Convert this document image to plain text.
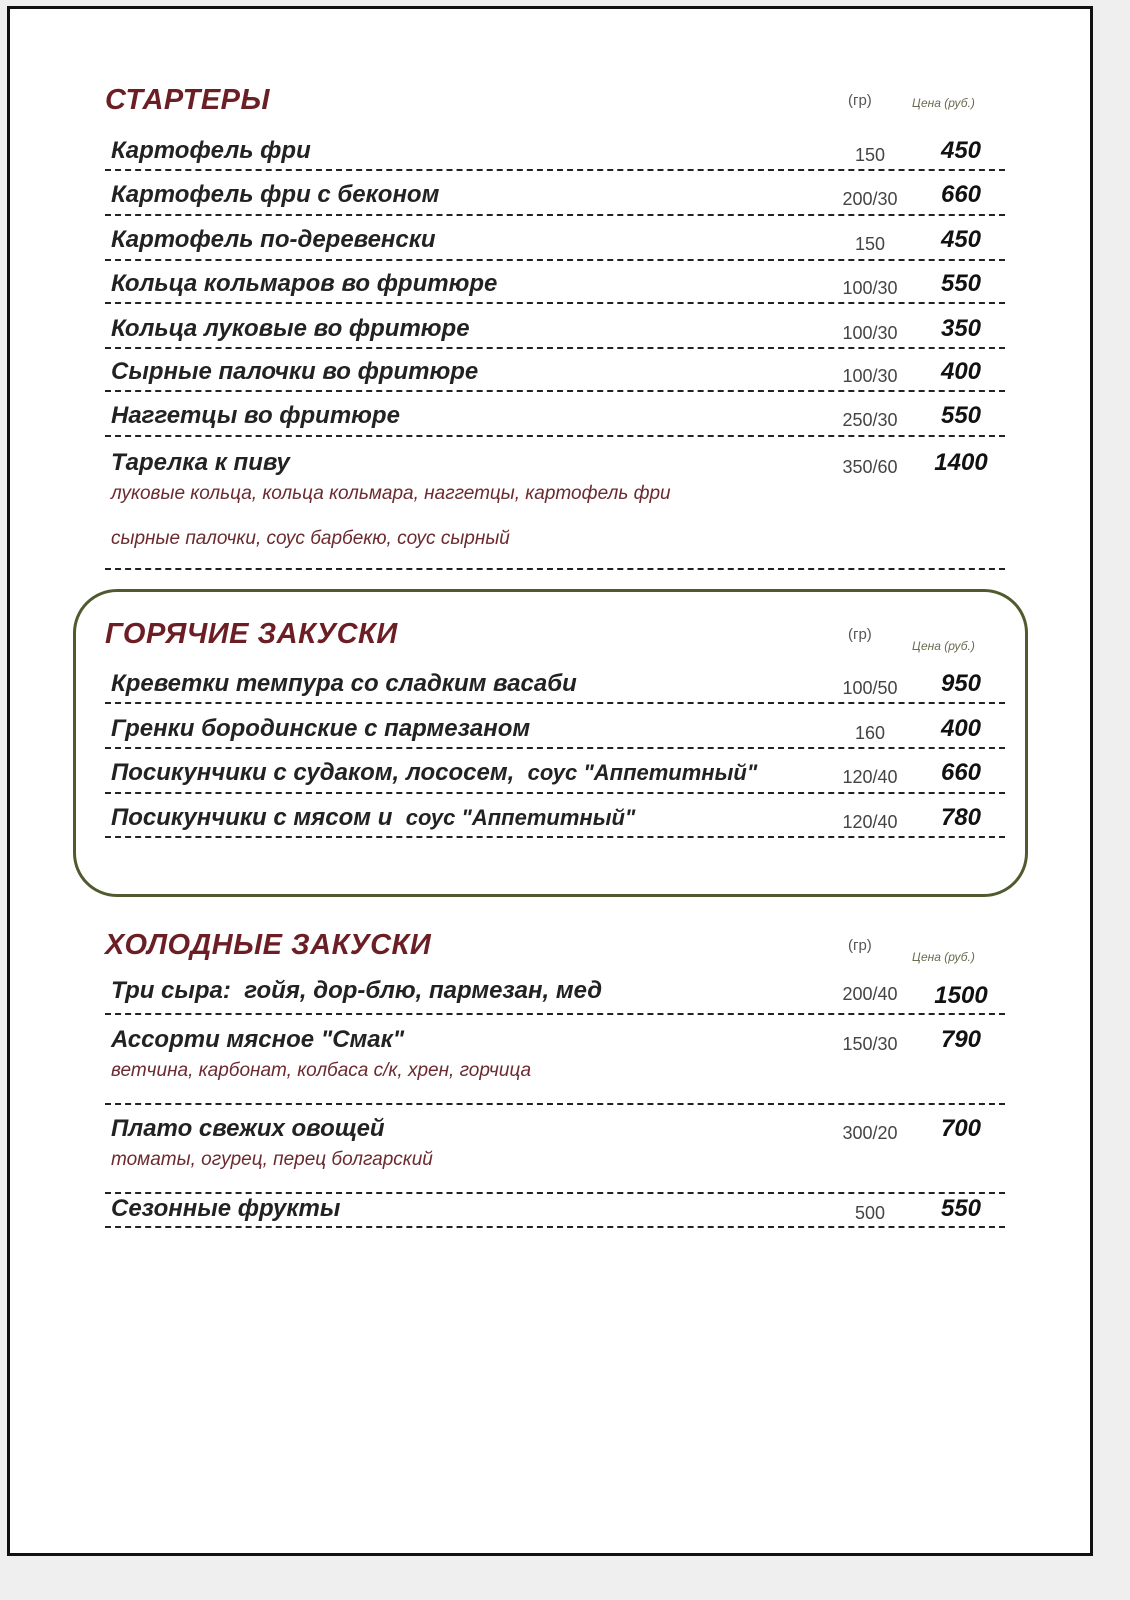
СТАРТЕРЫ	(гр)	Цена (руб.)
Картофель фри	150	450
Картофель фри с беконом	200/30	660
Картофель по-деревенски	150	450
Кольца кольмаров во фритюре	100/30	550
Кольца луковые во фритюре	100/30	350
Сырные палочки во фритюре	100/30	400
Наггетцы во фритюре	250/30	550
Тарелка к пиву	350/60	1400
луковые кольца, кольца кольмара, наггетцы, картофель фри
сырные палочки, соус барбекю, соус сырный
ГОРЯЧИЕ ЗАКУСКИ	(гр)
Цена (руб.)
Креветки темпура со сладким васаби	100/50	950
Гренки бородинские с пармезаном	160	400
Посикунчики с судаком, лососем, соус "Аппетитный"	120/40	660
Посикунчики с мясом и соус "Аппетитный"	120/40	780
ХОЛОДНЫЕ ЗАКУСКИ	(гр)
Цена (руб.)
Три сыра: гойя, дор-блю, пармезан, мед	200/40	1500
Ассорти мясное "Смак"	150/30	790
ветчина, карбонат, колбаса с/к, хрен, горчица
Плато свежих овощей	300/20	700
томаты, огурец, перец болгарский
Сезонные фрукты	500	550
